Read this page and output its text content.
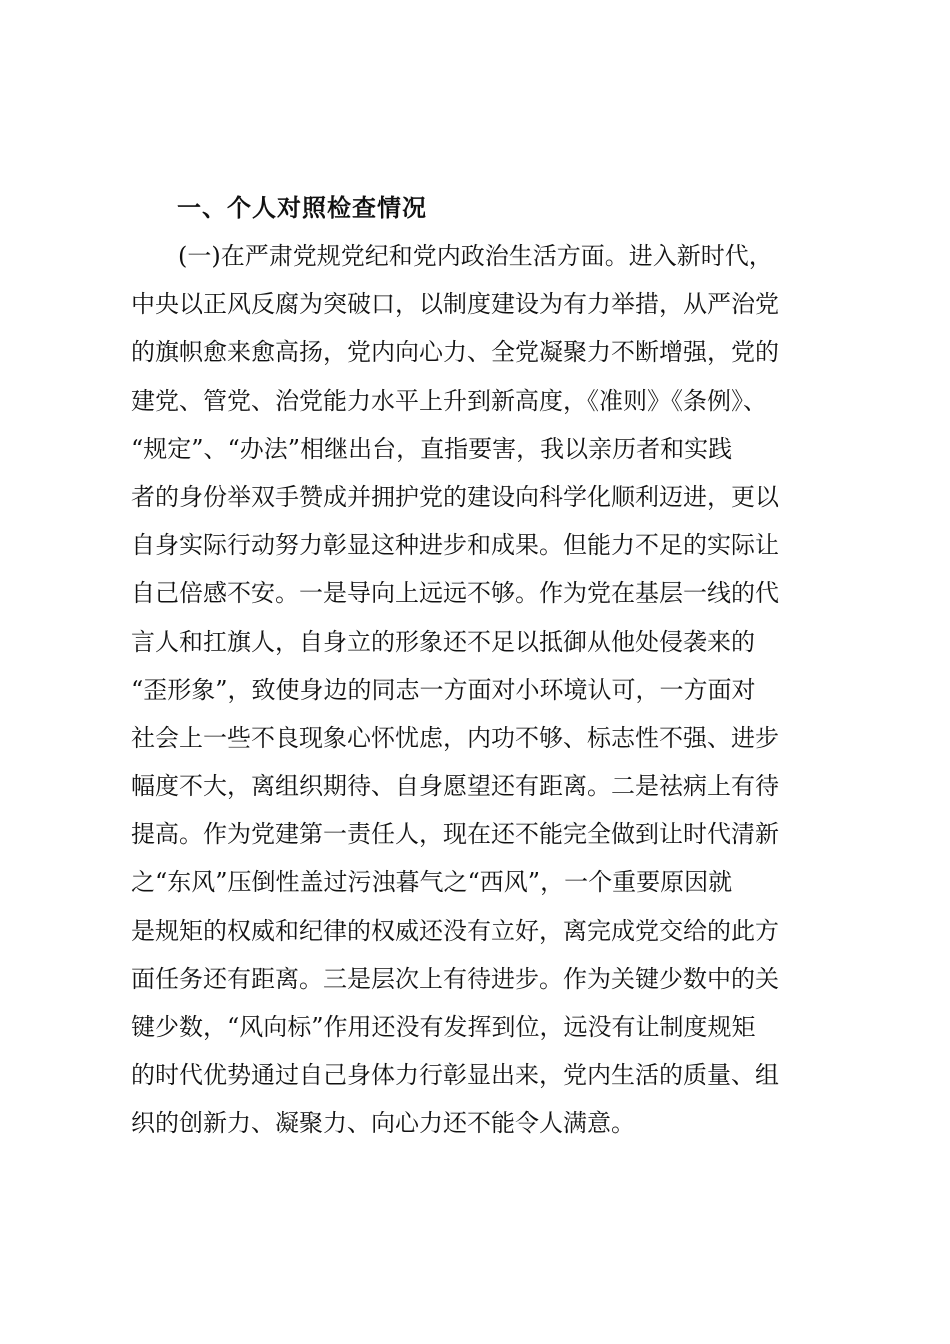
一、个人对照检查情况
(一)在严肃党规党纪和党内政治生活方面。进入新时代，
中央以正风反腐为突破口，以制度建设为有力举措，从严治党
的旗帜愈来愈高扬，党内向心力、全党凝聚力不断增强，党的
建党、管党、治党能力水平上升到新高度，《准则》《条例》、
“规定”、“办法”相继出台，直指要害，我以亲历者和实践
者的身份举双手赞成并拥护党的建设向科学化顺利迈进，更以
自身实际行动努力彰显这种进步和成果。但能力不足的实际让
自己倍感不安。一是导向上远远不够。作为党在基层一线的代
言人和扛旗人，自身立的形象还不足以抵御从他处侵袭来的
“歪形象”，致使身边的同志一方面对小环境认可，一方面对
社会上一些不良现象心怀忧虑，内功不够、标志性不强、进步
幅度不大，离组织期待、自身愿望还有距离。二是祛病上有待
提高。作为党建第一责任人，现在还不能完全做到让时代清新
之“东风”压倒性盖过污浊暮气之“西风”，一个重要原因就
是规矩的权威和纪律的权威还没有立好，离完成党交给的此方
面任务还有距离。三是层次上有待进步。作为关键少数中的关
键少数，“风向标”作用还没有发挥到位，远没有让制度规矩
的时代优势通过自己身体力行彰显出来，党内生活的质量、组
织的创新力、凝聚力、向心力还不能令人满意。
